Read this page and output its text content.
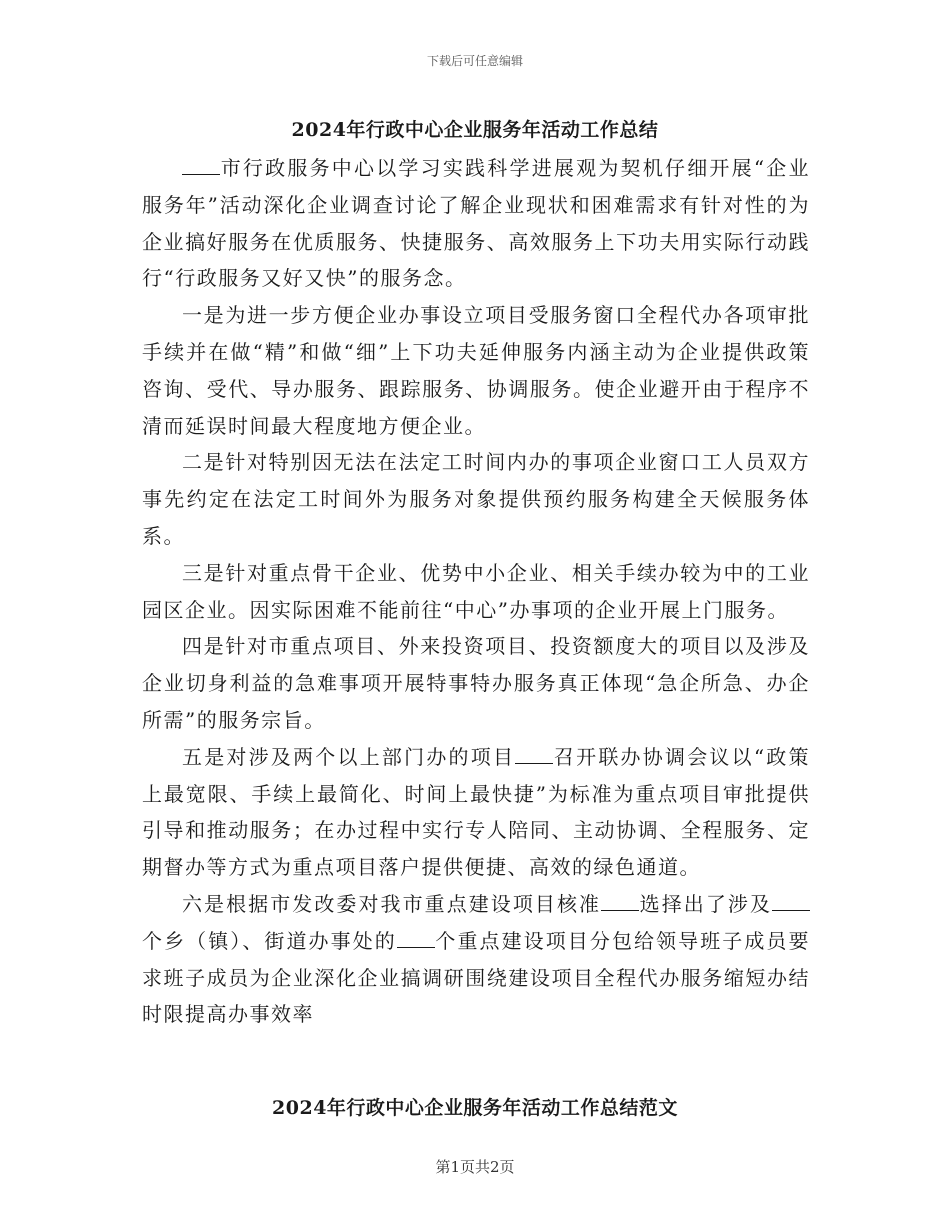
下载后可任意编辑
2024年行政中心企业服务年活动工作总结

市行政服务中心以学习实践科学进展观为契机仔细开展“企业服务年”活动深化企业调查讨论了解企业现状和困难需求有针对性的为企业搞好服务在优质服务、快捷服务、高效服务上下功夫用实际行动践行“行政服务又好又快”的服务念。

一是为进一步方便企业办事设立项目受服务窗口全程代办各项审批手续并在做“精”和做“细”上下功夫延伸服务内涵主动为企业提供政策咨询、受代、导办服务、跟踪服务、协调服务。使企业避开由于程序不清而延误时间最大程度地方便企业。

二是针对特别因无法在法定工时间内办的事项企业窗口工人员双方事先约定在法定工时间外为服务对象提供预约服务构建全天候服务体系。

三是针对重点骨干企业、优势中小企业、相关手续办较为中的工业园区企业。因实际困难不能前往“中心”办事项的企业开展上门服务。

四是针对市重点项目、外来投资项目、投资额度大的项目以及涉及企业切身利益的急难事项开展特事特办服务真正体现“急企所急、办企所需”的服务宗旨。

五是对涉及两个以上部门办的项目 召开联办协调会议以“政策上最宽限、手续上最简化、时间上最快捷”为标准为重点项目审批提供引导和推动服务；在办过程中实行专人陪同、主动协调、全程服务、定期督办等方式为重点项目落户提供便捷、高效的绿色通道。

六是根据市发改委对我市重点建设项目核准 选择出了涉及个乡（镇）、街道办事处的 个重点建设项目分包给领导班子成员要求班子成员为企业深化企业搞调研围绕建设项目全程代办服务缩短办结时限提高办事效率

2024年行政中心企业服务年活动工作总结范文
第1页共2页
